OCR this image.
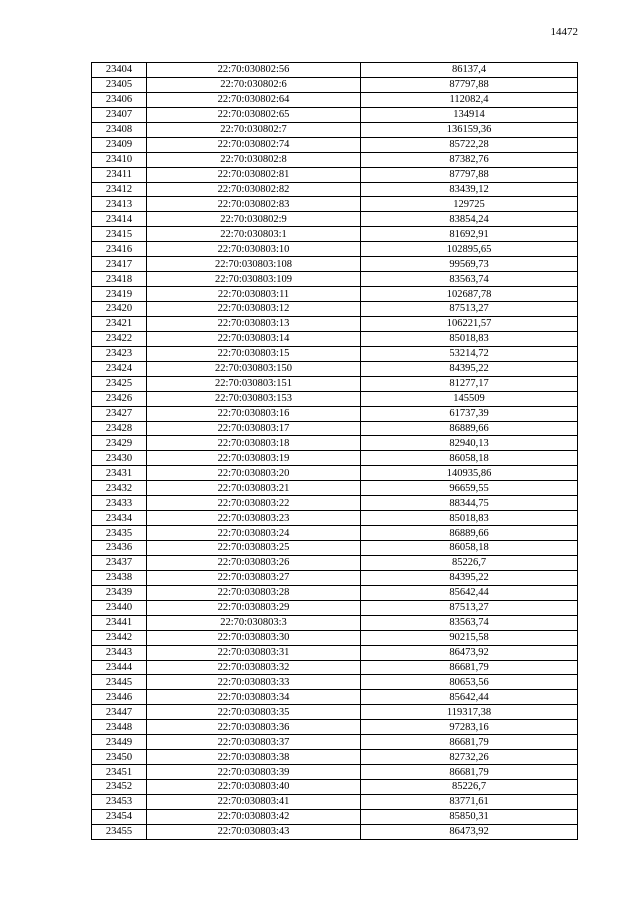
14472
23404	22:70:030802:56	86137,4
23405	22:70:030802:6	87797,88
23406	22:70:030802:64	112082,4
23407	22:70:030802:65	134914
23408	22:70:030802:7	136159,36
23409	22:70:030802:74	85722,28
23410	22:70:030802:8	87382,76
23411	22:70:030802:81	87797,88
23412	22:70:030802:82	83439,12
23413	22:70:030802:83	129725
23414	22:70:030802:9	83854,24
23415	22:70:030803:1	81692,91
23416	22:70:030803:10	102895,65
23417	22:70:030803:108	99569,73
23418	22:70:030803:109	83563,74
23419	22:70:030803:11	102687,78
23420	22:70:030803:12	87513,27
23421	22:70:030803:13	106221,57
23422	22:70:030803:14	85018,83
23423	22:70:030803:15	53214,72
23424	22:70:030803:150	84395,22
23425	22:70:030803:151	81277,17
23426	22:70:030803:153	145509
23427	22:70:030803:16	61737,39
23428	22:70:030803:17	86889,66
23429	22:70:030803:18	82940,13
23430	22:70:030803:19	86058,18
23431	22:70:030803:20	140935,86
23432	22:70:030803:21	96659,55
23433	22:70:030803:22	88344,75
23434	22:70:030803:23	85018,83
23435	22:70:030803:24	86889,66
23436	22:70:030803:25	86058,18
23437	22:70:030803:26	85226,7
23438	22:70:030803:27	84395,22
23439	22:70:030803:28	85642,44
23440	22:70:030803:29	87513,27
23441	22:70:030803:3	83563,74
23442	22:70:030803:30	90215,58
23443	22:70:030803:31	86473,92
23444	22:70:030803:32	86681,79
23445	22:70:030803:33	80653,56
23446	22:70:030803:34	85642,44
23447	22:70:030803:35	119317,38
23448	22:70:030803:36	97283,16
23449	22:70:030803:37	86681,79
23450	22:70:030803:38	82732,26
23451	22:70:030803:39	86681,79
23452	22:70:030803:40	85226,7
23453	22:70:030803:41	83771,61
23454	22:70:030803:42	85850,31
23455	22:70:030803:43	86473,92
